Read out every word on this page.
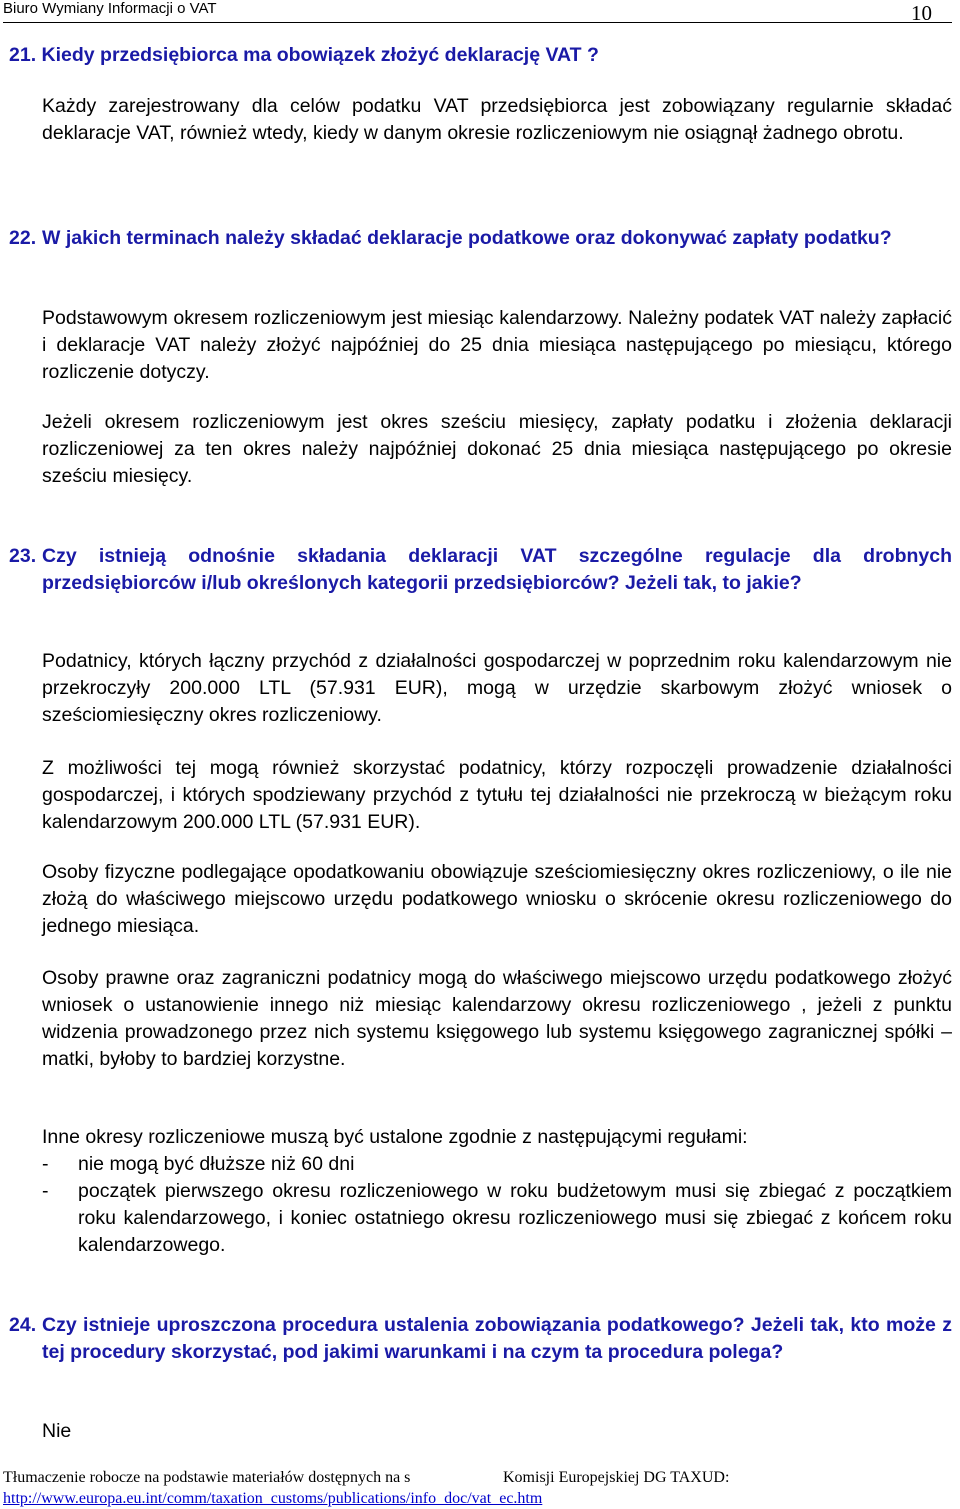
Biuro Wymiany Informacji o VAT	10
21. Kiedy przedsiębiorca ma obowiązek złożyć deklarację VAT ?
Każdy zarejestrowany dla celów podatku VAT przedsiębiorca jest zobowiązany regularnie składać deklaracje VAT, również wtedy, kiedy w danym okresie rozliczeniowym nie osiągnął żadnego obrotu.
22. W jakich terminach należy składać deklaracje podatkowe oraz dokonywać zapłaty podatku?
Podstawowym okresem rozliczeniowym jest miesiąc kalendarzowy. Należny podatek VAT należy zapłacić i deklaracje VAT należy złożyć najpóźniej do 25 dnia miesiąca następującego po miesiącu, którego rozliczenie dotyczy.
Jeżeli okresem rozliczeniowym jest okres sześciu miesięcy, zapłaty podatku i złożenia deklaracji rozliczeniowej za ten okres należy najpóźniej dokonać 25 dnia miesiąca następującego po okresie sześciu miesięcy.
23. Czy istnieją odnośnie składania deklaracji VAT szczególne regulacje dla drobnych przedsiębiorców i/lub określonych kategorii przedsiębiorców? Jeżeli tak, to jakie?
Podatnicy, których łączny przychód z działalności gospodarczej w poprzednim roku kalendarzowym nie przekroczyły 200.000 LTL (57.931 EUR), mogą w urzędzie skarbowym złożyć wniosek o sześciomiesięczny okres rozliczeniowy.
Z możliwości tej mogą również skorzystać podatnicy, którzy rozpoczęli prowadzenie działalności gospodarczej, i których spodziewany przychód z tytułu tej działalności nie przekroczą w bieżącym roku kalendarzowym 200.000 LTL (57.931 EUR).
Osoby fizyczne podlegające opodatkowaniu obowiązuje sześciomiesięczny okres rozliczeniowy, o ile nie złożą do właściwego miejscowo urzędu podatkowego wniosku o skrócenie okresu rozliczeniowego do jednego miesiąca.
Osoby prawne oraz zagraniczni podatnicy mogą do właściwego miejscowo urzędu podatkowego złożyć wniosek o ustanowienie innego niż miesiąc kalendarzowy okresu rozliczeniowego , jeżeli z punktu widzenia prowadzonego przez nich systemu księgowego lub systemu księgowego zagranicznej spółki – matki, byłoby to bardziej korzystne.
Inne okresy rozliczeniowe muszą być ustalone zgodnie z następującymi regułami:
- nie mogą być dłuższe niż 60 dni
- początek pierwszego okresu rozliczeniowego w roku budżetowym musi się zbiegać z początkiem roku kalendarzowego, i koniec ostatniego okresu rozliczeniowego musi się zbiegać z końcem roku kalendarzowego.
24. Czy istnieje uproszczona procedura ustalenia zobowiązania podatkowego? Jeżeli tak, kto może z tej procedury skorzystać, pod jakimi warunkami i na czym ta procedura polega?
Nie
Tłumaczenie robocze na podstawie materiałów dostępnych na s	Komisji Europejskiej DG TAXUD:
http://www.europa.eu.int/comm/taxation_customs/publications/info_doc/vat_ec.htm
